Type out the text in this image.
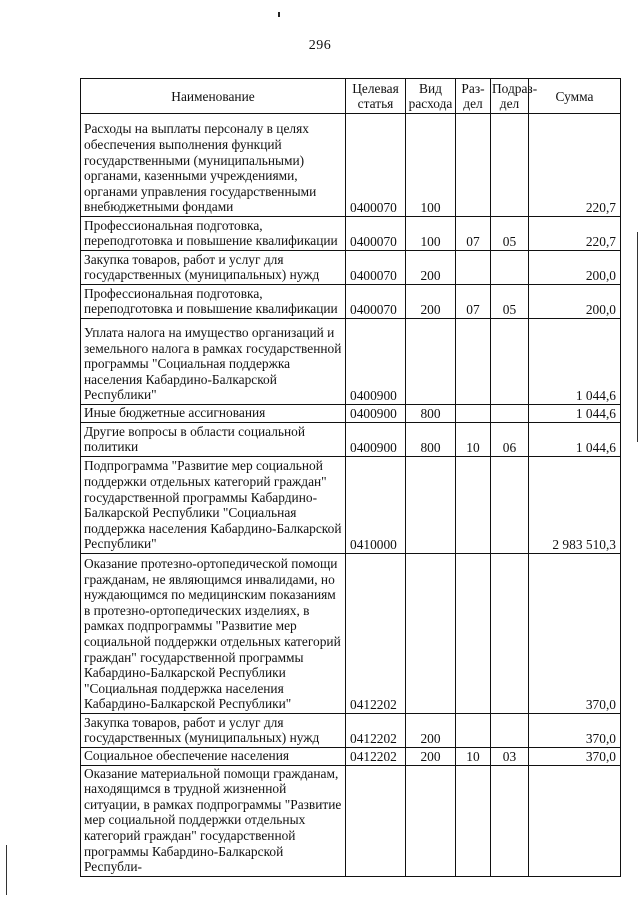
296
Наименование	Целевая статья	Вид расхода	Раз- дел	Подраз- дел	Сумма
Расходы на выплаты персоналу в целях обеспечения выполнения функций государственными (муниципальными) органами, казенными учреждениями, органами управления государственными внебюджетными фондами	0400070	100			220,7
Профессиональная подготовка, переподготовка и повышение квалификации	0400070	100	07	05	220,7
Закупка товаров, работ и услуг для государственных (муниципальных) нужд	0400070	200			200,0
Профессиональная подготовка, переподготовка и повышение квалификации	0400070	200	07	05	200,0
Уплата налога на имущество организаций и земельного налога в рамках государственной программы "Социальная поддержка населения Кабардино-Балкарской Республики"	0400900				1 044,6
Иные бюджетные ассигнования	0400900	800			1 044,6
Другие вопросы в области социальной политики	0400900	800	10	06	1 044,6
Подпрограмма "Развитие мер социальной поддержки отдельных категорий граждан" государственной программы Кабардино-Балкарской Республики "Социальная поддержка населения Кабардино-Балкарской Республики"	0410000				2 983 510,3
Оказание протезно-ортопедической помощи гражданам, не являющимся инвалидами, но нуждающимся по медицинским показаниям в протезно-ортопедических изделиях, в рамках подпрограммы "Развитие мер социальной поддержки отдельных категорий граждан" государственной программы Кабардино-Балкарской Республики "Социальная поддержка населения Кабардино-Балкарской Республики"	0412202				370,0
Закупка товаров, работ и услуг для государственных (муниципальных) нужд	0412202	200			370,0
Социальное обеспечение населения	0412202	200	10	03	370,0
Оказание материальной помощи гражданам, находящимся в трудной жизненной ситуации, в рамках подпрограммы "Развитие мер социальной поддержки отдельных категорий граждан" государственной программы Кабардино-Балкарской Республи-					
